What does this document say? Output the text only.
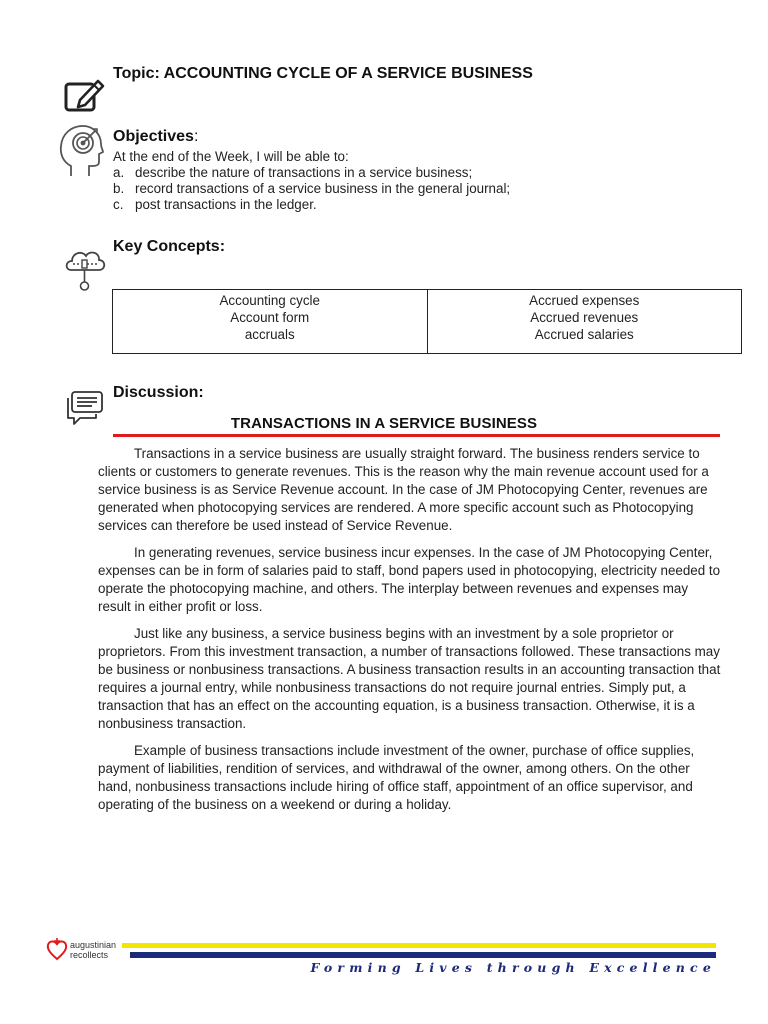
Topic: ACCOUNTING CYCLE OF A SERVICE BUSINESS
Objectives:
At the end of the Week, I will be able to:
a. describe the nature of transactions in a service business;
b. record transactions of a service business in the general journal;
c. post transactions in the ledger.
Key Concepts:
Accounting cycle
Account form
accruals

Accrued expenses
Accrued revenues
Accrued salaries
Discussion:
TRANSACTIONS IN A SERVICE BUSINESS

Transactions in a service business are usually straight forward. The business renders service to clients or customers to generate revenues. This is the reason why the main revenue account used for a service business is as Service Revenue account. In the case of JM Photocopying Center, revenues are generated when photocopying services are rendered. A more specific account such as Photocopying services can therefore be used instead of Service Revenue.

In generating revenues, service business incur expenses. In the case of JM Photocopying Center, expenses can be in form of salaries paid to staff, bond papers used in photocopying, electricity needed to operate the photocopying machine, and others. The interplay between revenues and expenses may result in either profit or loss.

Just like any business, a service business begins with an investment by a sole proprietor or proprietors. From this investment transaction, a number of transactions followed. These transactions may be business or nonbusiness transactions. A business transaction results in an accounting transaction that requires a journal entry, while nonbusiness transactions do not require journal entries. Simply put, a transaction that has an effect on the accounting equation, is a business transaction. Otherwise, it is a nonbusiness transaction.

Example of business transactions include investment of the owner, purchase of office supplies, payment of liabilities, rendition of services, and withdrawal of the owner, among others. On the other hand, nonbusiness transactions include hiring of office staff, appointment of an office supervisor, and operating of the business on a weekend or during a holiday.

augustinian
recollects
Forming Lives through Excellence
